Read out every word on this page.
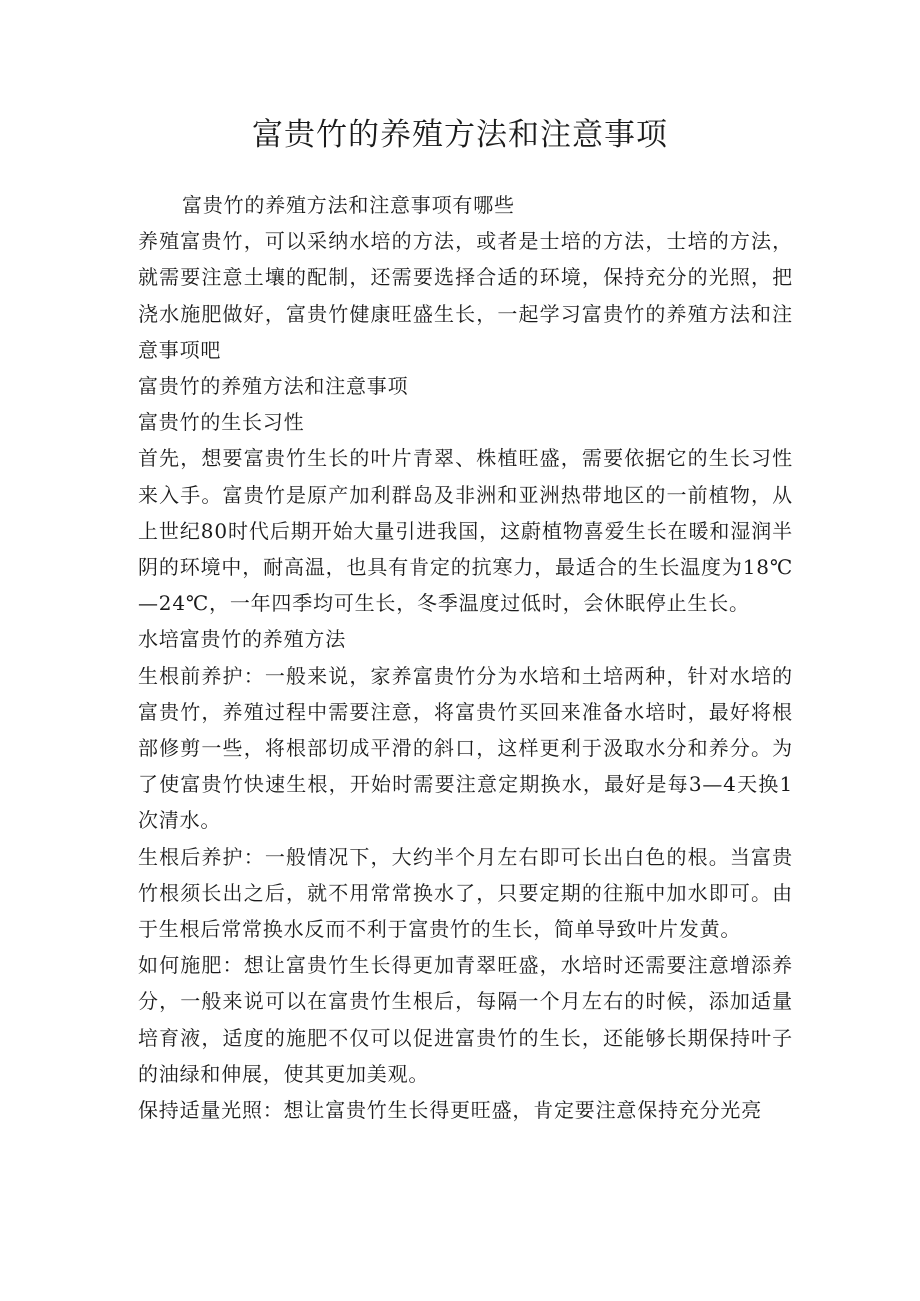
富贵竹的养殖方法和注意事项

富贵竹的养殖方法和注意事项有哪些

养殖富贵竹，可以采纳水培的方法，或者是士培的方法，士培的方法，就需要注意土壤的配制，还需要选择合适的环境，保持充分的光照，把浇水施肥做好，富贵竹健康旺盛生长，一起学习富贵竹的养殖方法和注意事项吧

富贵竹的养殖方法和注意事项

富贵竹的生长习性

首先，想要富贵竹生长的叶片青翠、株植旺盛，需要依据它的生长习性来入手。富贵竹是原产加利群岛及非洲和亚洲热带地区的一前植物，从上世纪80时代后期开始大量引进我国，这蔚植物喜爱生长在暖和湿润半阴的环境中，耐高温，也具有肯定的抗寒力，最适合的生长温度为18℃—24℃，一年四季均可生长，冬季温度过低时，会休眠停止生长。

水培富贵竹的养殖方法

生根前养护：一般来说，家养富贵竹分为水培和土培两种，针对水培的富贵竹，养殖过程中需要注意，将富贵竹买回来准备水培时，最好将根部修剪一些，将根部切成平滑的斜口，这样更利于汲取水分和养分。为了使富贵竹快速生根，开始时需要注意定期换水，最好是每3—4天换1次清水。

生根后养护：一般情况下，大约半个月左右即可长出白色的根。当富贵竹根须长出之后，就不用常常换水了，只要定期的往瓶中加水即可。由于生根后常常换水反而不利于富贵竹的生长，简单导致叶片发黄。

如何施肥：想让富贵竹生长得更加青翠旺盛，水培时还需要注意增添养分，一般来说可以在富贵竹生根后，每隔一个月左右的时候，添加适量培育液，适度的施肥不仅可以促进富贵竹的生长，还能够长期保持叶子的油绿和伸展，使其更加美观。

保持适量光照：想让富贵竹生长得更旺盛，肯定要注意保持充分光亮
